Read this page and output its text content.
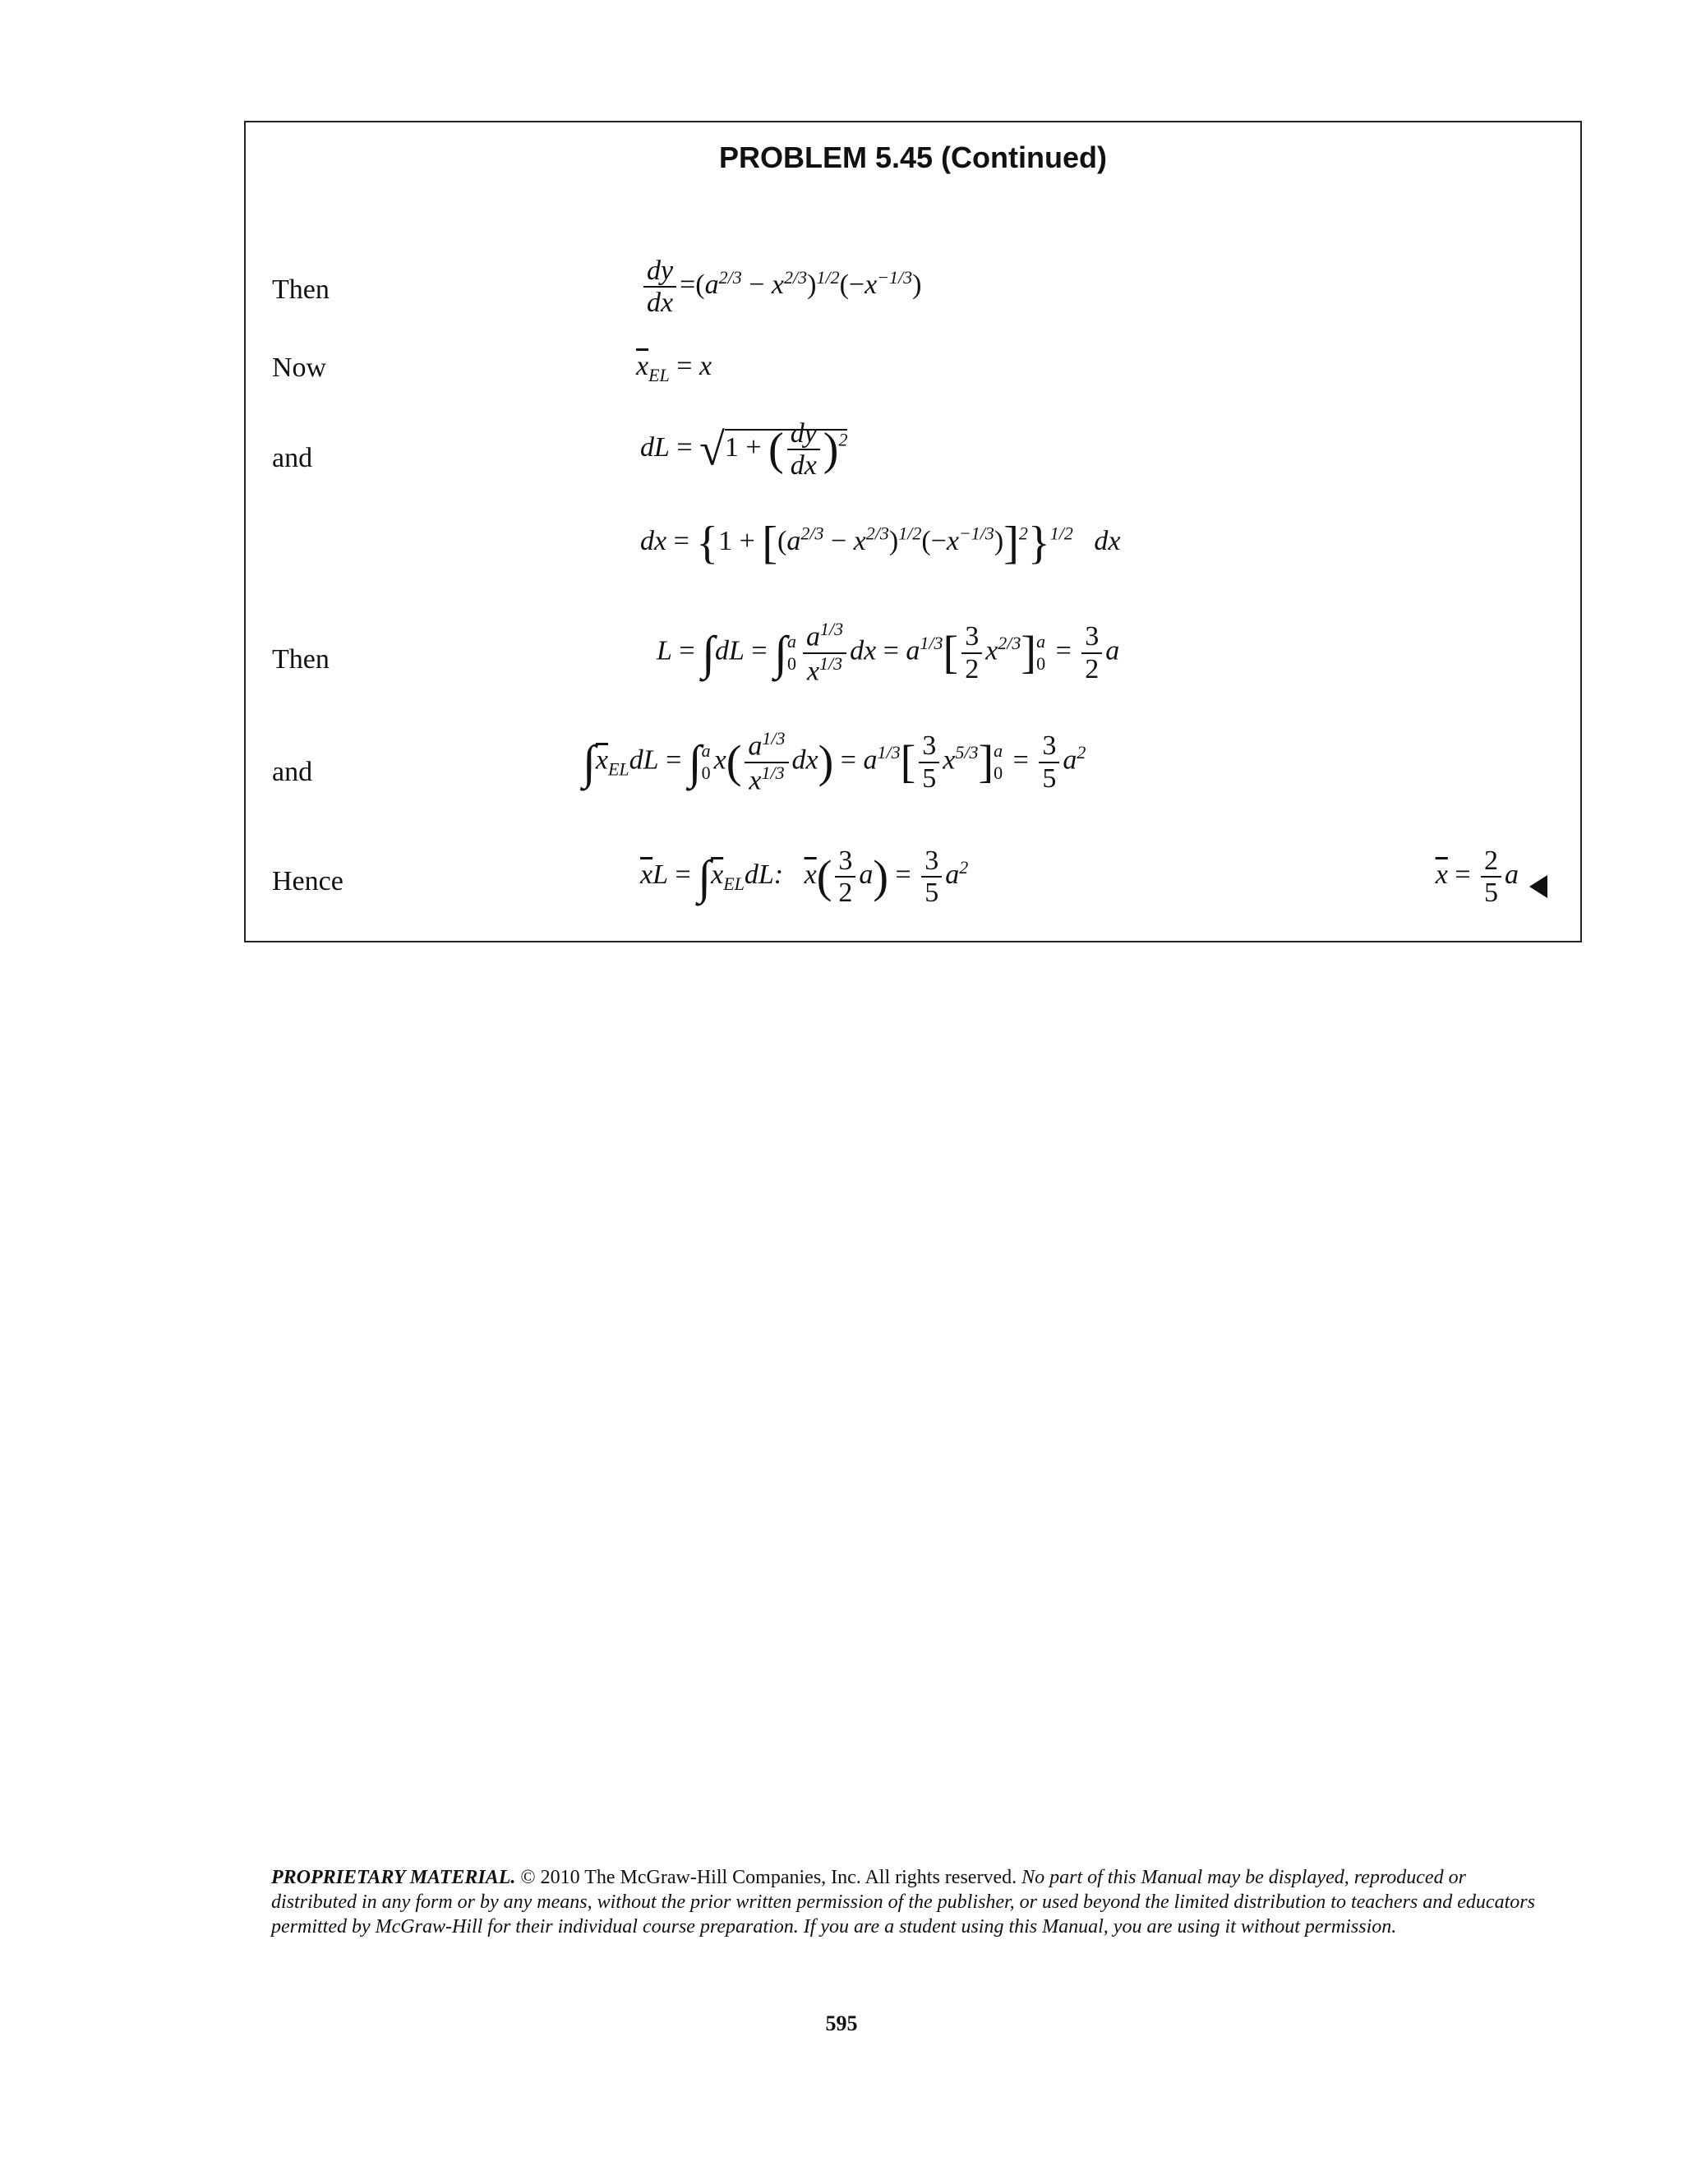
PROBLEM 5.45 (Continued)
Then	$\frac{dy}{dx} =(a^{2/3} - x^{2/3})^{1/2}(-x^{-1/3})$
Now	$\overline{x}_{EL} = x$
and	dL = √1 + ( $\frac{dy}{dx} )^2$
dx = $\{1 + [(a^{2/3} - x^{2/3})^{1/2}(-x^{-1/3})]^2\}^{1/2}$   dx
Then	L = ∫dL = ∫ a
$0 \frac{a^{1/3}}{x^{1/3}}$ dx = $a^{1/3}[ \frac{3}{2} x^{2/3}]$ a
$0 = \frac{3}{2}$ a
and	$\int\overline{x}_{EL}dL$ = ∫ a
0 $x( \frac{a^{1/3}}{x^{1/3}} dx) = a^{1/3}[ \frac{3}{5} x^{5/3}]$ a
$0 = \frac{3}{5} a^2$
Hence	$\overline{x}L = \int\overline{x}_{EL}dL$:   $\overline{x}( \frac{3}{2} a) = \frac{3}{5} a^2$	$\overline{x} = \frac{2}{5}$ a
PROPRIETARY MATERIAL. © 2010 The McGraw-Hill Companies, Inc. All rights reserved. No part of this Manual may be displayed, reproduced or distributed in any form or by any means, without the prior written permission of the publisher, or used beyond the limited distribution to teachers and educators permitted by McGraw-Hill for their individual course preparation. If you are a student using this Manual, you are using it without permission.
595
